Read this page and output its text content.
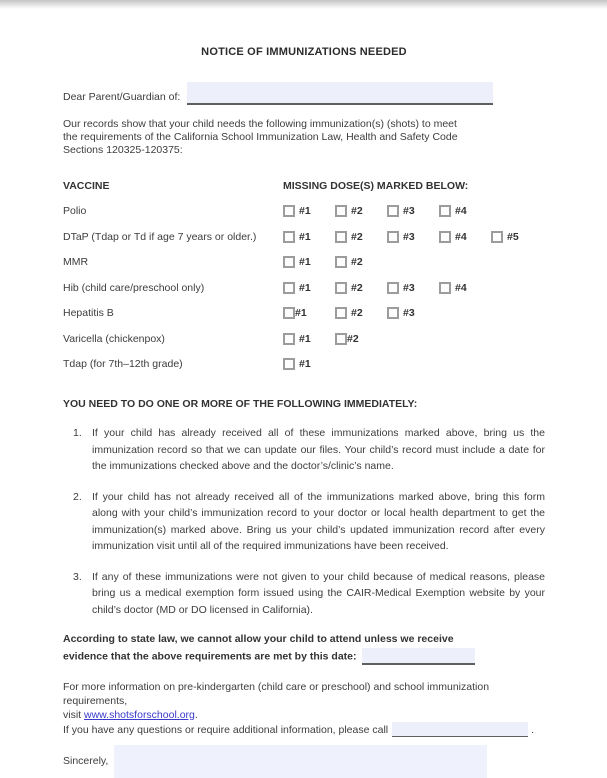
NOTICE OF IMMUNIZATIONS NEEDED
Dear Parent/Guardian of:

Our records show that your child needs the following immunization(s) (shots) to meet the requirements of the California School Immunization Law, Health and Safety Code Sections 120325-120375:

VACCINE	MISSING DOSE(S) MARKED BELOW:
Polio	#1	#2	#3	#4
DTaP (Tdap or Td if age 7 years or older.)	#1	#2	#3	#4	#5
MMR	#1	#2
Hib (child care/preschool only)	#1	#2	#3	#4
Hepatitis B	#1	#2	#3
Varicella (chickenpox)	#1	#2
Tdap (for 7th–12th grade)	#1
YOU NEED TO DO ONE OR MORE OF THE FOLLOWING IMMEDIATELY:
1. If your child has already received all of these immunizations marked above, bring us the immunization record so that we can update our files. Your child’s record must include a date for the immunizations checked above and the doctor’s/clinic’s name.
2. If your child has not already received all of the immunizations marked above, bring this form along with your child’s immunization record to your doctor or local health department to get the immunization(s) marked above. Bring us your child’s updated immunization record after every immunization visit until all of the required immunizations have been received.
3. If any of these immunizations were not given to your child because of medical reasons, please bring us a medical exemption form issued using the CAIR-Medical Exemption website by your child’s doctor (MD or DO licensed in California).
According to state law, we cannot allow your child to attend unless we receive
evidence that the above requirements are met by this date:
For more information on pre-kindergarten (child care or preschool) and school immunization requirements,
visit www.shotsforschool.org.
If you have any questions or require additional information, please call	.
Sincerely,
